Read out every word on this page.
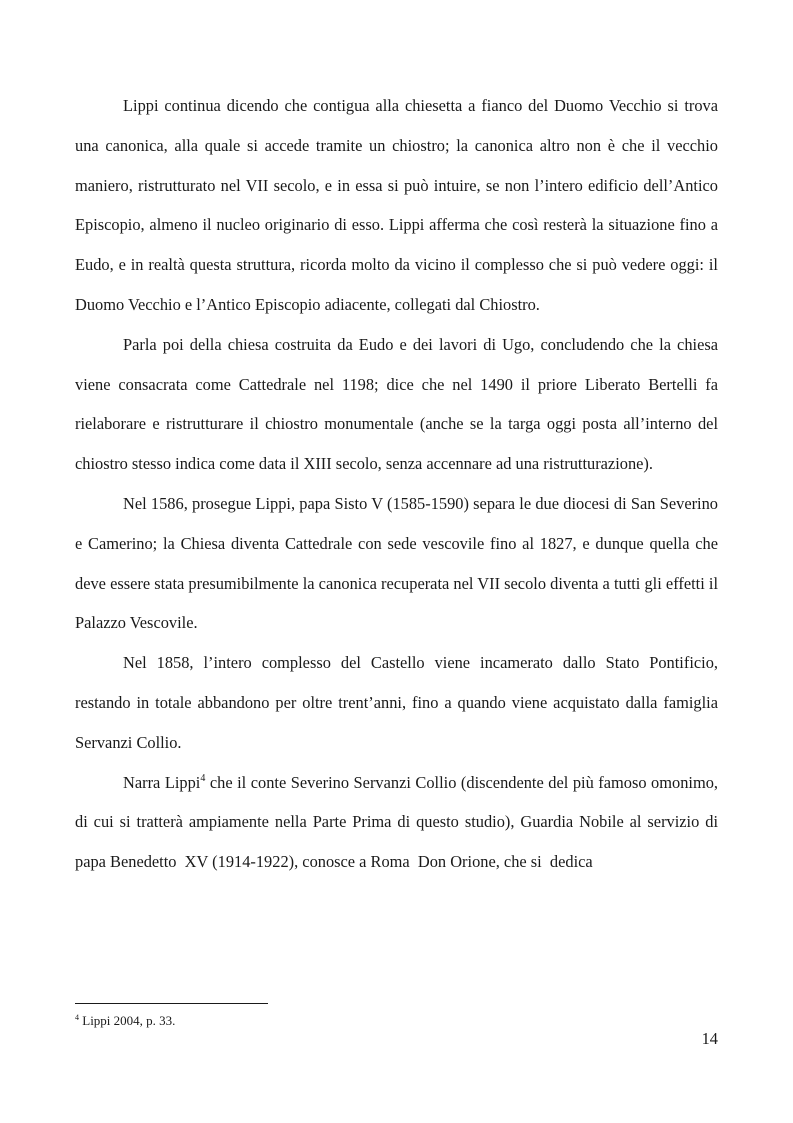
Lippi continua dicendo che contigua alla chiesetta a fianco del Duomo Vecchio si trova una canonica, alla quale si accede tramite un chiostro; la canonica altro non è che il vecchio maniero, ristrutturato nel VII secolo, e in essa si può intuire, se non l’intero edificio dell’Antico Episcopio, almeno il nucleo originario di esso. Lippi afferma che così resterà la situazione fino a Eudo, e in realtà questa struttura, ricorda molto da vicino il complesso che si può vedere oggi: il Duomo Vecchio e l’Antico Episcopio adiacente, collegati dal Chiostro.

Parla poi della chiesa costruita da Eudo e dei lavori di Ugo, concludendo che la chiesa viene consacrata come Cattedrale nel 1198; dice che nel 1490 il priore Liberato Bertelli fa rielaborare e ristrutturare il chiostro monumentale (anche se la targa oggi posta all’interno del chiostro stesso indica come data il XIII secolo, senza accennare ad una ristrutturazione).

Nel 1586, prosegue Lippi, papa Sisto V (1585-1590) separa le due diocesi di San Severino e Camerino; la Chiesa diventa Cattedrale con sede vescovile fino al 1827, e dunque quella che deve essere stata presumibilmente la canonica recuperata nel VII secolo diventa a tutti gli effetti il Palazzo Vescovile.

Nel 1858, l’intero complesso del Castello viene incamerato dallo Stato Pontificio, restando in totale abbandono per oltre trent’anni, fino a quando viene acquistato dalla famiglia Servanzi Collio.

Narra Lippi$^4$ che il conte Severino Servanzi Collio (discendente del più famoso omonimo, di cui si tratterà ampiamente nella Parte Prima di questo studio), Guardia Nobile al servizio di papa Benedetto  XV (1914-1922), conosce a Roma  Don Orione, che si  dedica

$^4$ Lippi 2004, p. 33.
14
